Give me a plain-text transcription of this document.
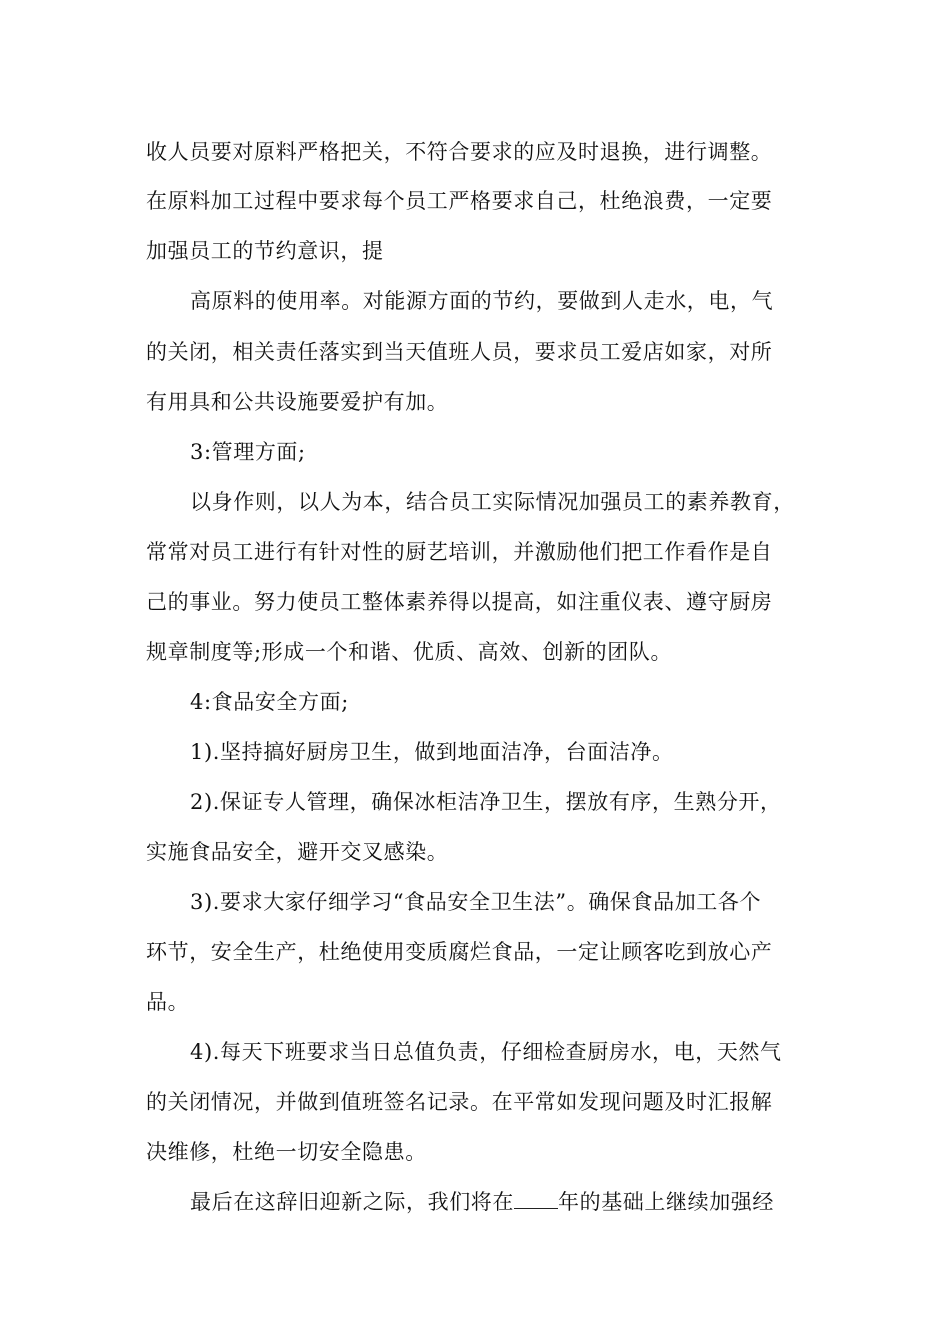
收人员要对原料严格把关，不符合要求的应及时退换，进行调整。
在原料加工过程中要求每个员工严格要求自己，杜绝浪费，一定要
加强员工的节约意识，提
高原料的使用率。对能源方面的节约，要做到人走水，电，气
的关闭，相关责任落实到当天值班人员，要求员工爱店如家，对所
有用具和公共设施要爱护有加。
3:管理方面;
以身作则，以人为本，结合员工实际情况加强员工的素养教育，
常常对员工进行有针对性的厨艺培训，并激励他们把工作看作是自
己的事业。努力使员工整体素养得以提高，如注重仪表、遵守厨房
规章制度等;形成一个和谐、优质、高效、创新的团队。
4:食品安全方面;
1).坚持搞好厨房卫生，做到地面洁净，台面洁净。
2).保证专人管理，确保冰柜洁净卫生，摆放有序，生熟分开，
实施食品安全，避开交叉感染。
3).要求大家仔细学习“食品安全卫生法”。确保食品加工各个
环节，安全生产，杜绝使用变质腐烂食品，一定让顾客吃到放心产
品。
4).每天下班要求当日总值负责，仔细检查厨房水，电，天然气
的关闭情况，并做到值班签名记录。在平常如发现问题及时汇报解
决维修，杜绝一切安全隐患。
最后在这辞旧迎新之际，我们将在 年的基础上继续加强经
